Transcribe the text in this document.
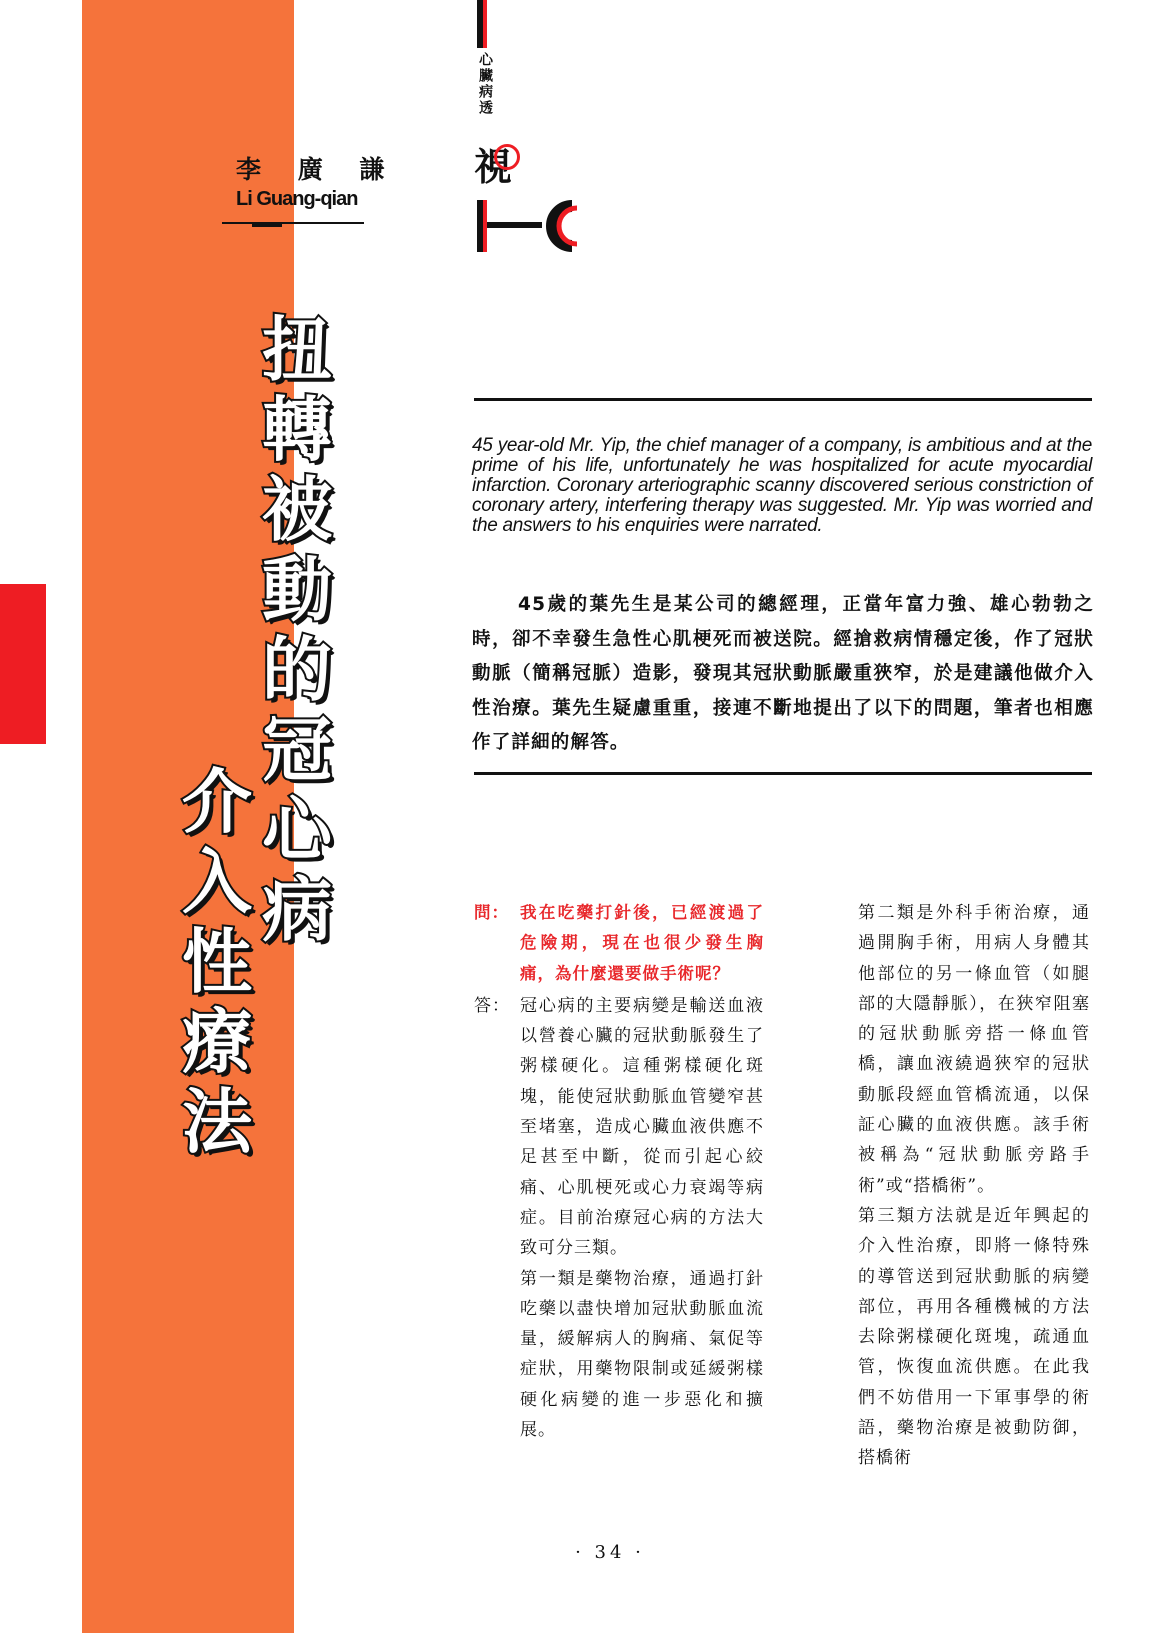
李 廣 謙
Li Guang-qian
心臟病透
視
扭
轉
被
動
的
冠
心
病
介
入
性
療
法
45 year-old Mr. Yip, the chief manager of a company, is ambitious and at the prime of his life, unfortunately he was hospitalized for acute myocardial infarction. Coronary arteriographic scanny discovered serious constriction of coronary artery, interfering therapy was suggested. Mr. Yip was worried and the answers to his enquiries were narrated.
45歲的葉先生是某公司的總經理，正當年富力強、雄心勃勃之時，卻不幸發生急性心肌梗死而被送院。經搶救病情穩定後，作了冠狀動脈（簡稱冠脈）造影，發現其冠狀動脈嚴重狹窄，於是建議他做介入性治療。葉先生疑慮重重，接連不斷地提出了以下的問題，筆者也相應作了詳細的解答。
問： 我在吃藥打針後，已經渡過了危險期，現在也很少發生胸痛，為什麼還要做手術呢？
答： 冠心病的主要病變是輸送血液以營養心臟的冠狀動脈發生了粥樣硬化。這種粥樣硬化斑塊，能使冠狀動脈血管變窄甚至堵塞，造成心臟血液供應不足甚至中斷，從而引起心絞痛、心肌梗死或心力衰竭等病症。目前治療冠心病的方法大致可分三類。
第一類是藥物治療，通過打針吃藥以盡快增加冠狀動脈血流量，緩解病人的胸痛、氣促等症狀，用藥物限制或延緩粥樣硬化病變的進一步惡化和擴展。
第二類是外科手術治療，通過開胸手術，用病人身體其他部位的另一條血管（如腿部的大隱靜脈），在狹窄阻塞的冠狀動脈旁搭一條血管橋，讓血液繞過狹窄的冠狀動脈段經血管橋流通，以保証心臟的血液供應。該手術被稱為“冠狀動脈旁路手術”或“搭橋術”。
第三類方法就是近年興起的介入性治療，即將一條特殊的導管送到冠狀動脈的病變部位，再用各種機械的方法去除粥樣硬化斑塊，疏通血管，恢復血流供應。在此我們不妨借用一下軍事學的術語，藥物治療是被動防御，搭橋術
· 34 ·
